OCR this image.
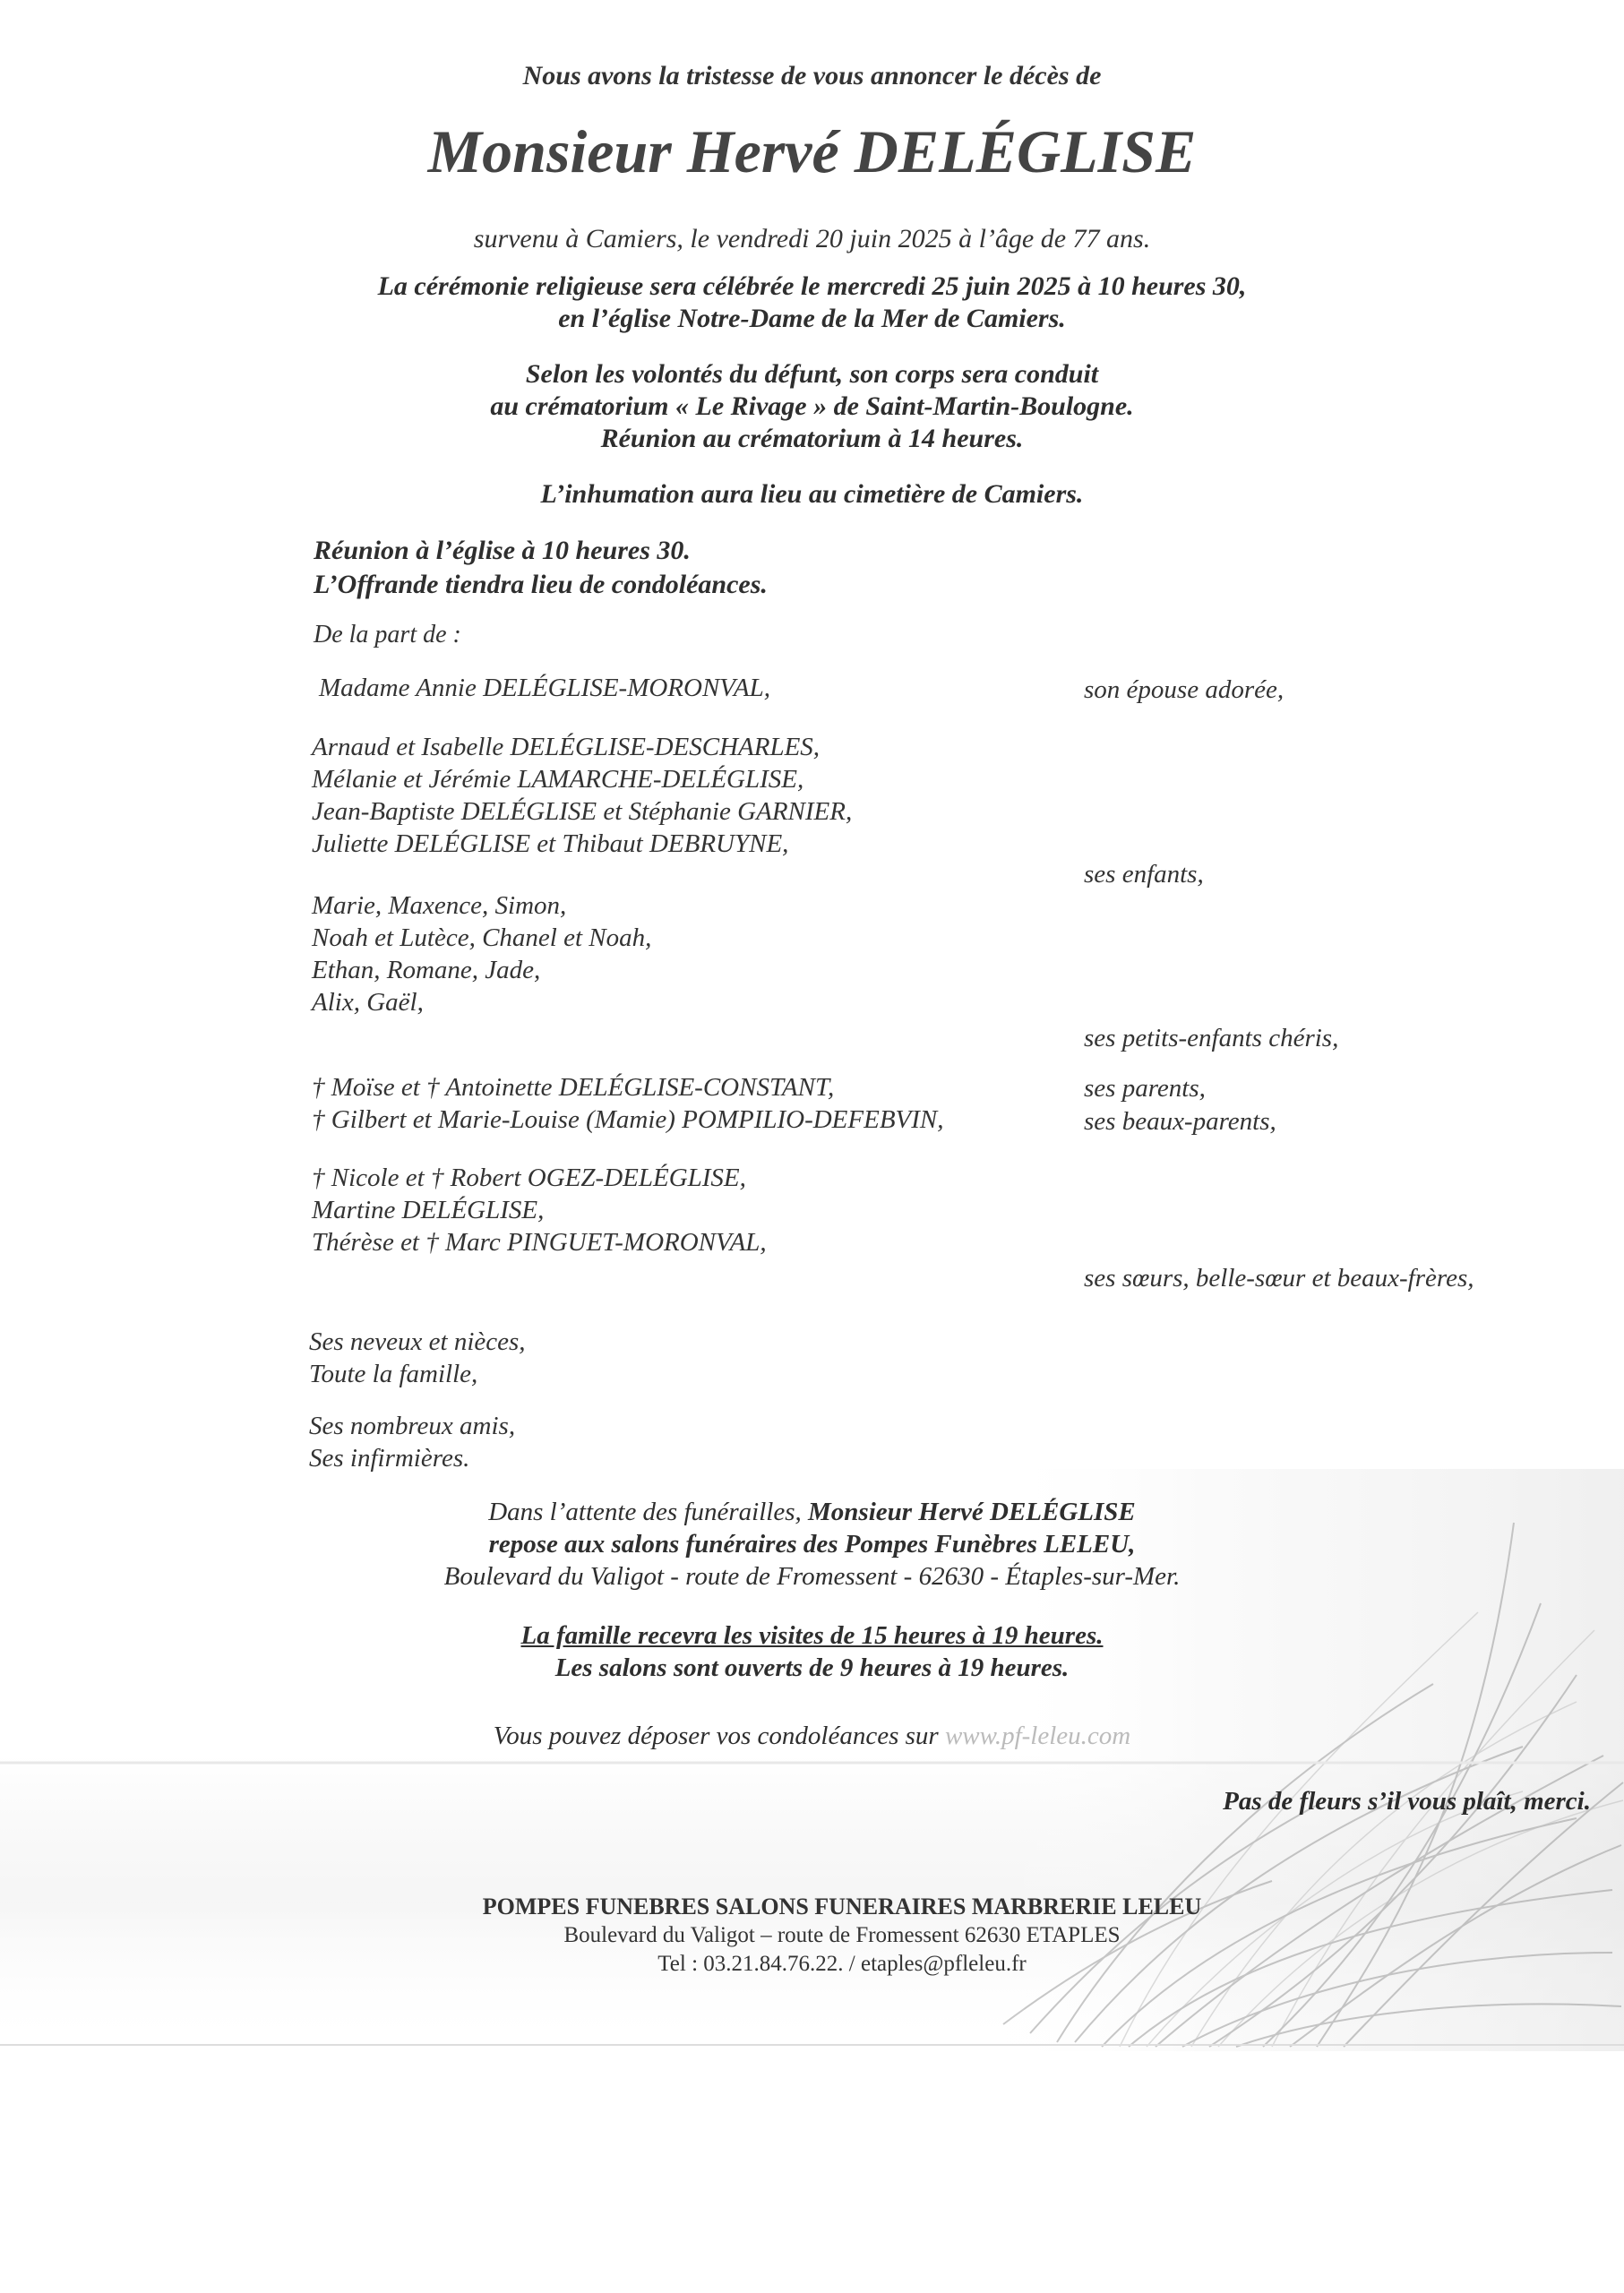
Nous avons la tristesse de vous annoncer le décès de
Monsieur Hervé DELÉGLISE
survenu à Camiers, le vendredi 20 juin 2025 à l’âge de 77 ans.
La cérémonie religieuse sera célébrée le mercredi 25 juin 2025 à 10 heures 30,
en l’église Notre-Dame de la Mer de Camiers.
Selon les volontés du défunt, son corps sera conduit
au crématorium « Le Rivage » de Saint-Martin-Boulogne.
Réunion au crématorium à 14 heures.
L’inhumation aura lieu au cimetière de Camiers.
Réunion à l’église à 10 heures 30.
L’Offrande tiendra lieu de condoléances.
De la part de :
Madame Annie DELÉGLISE-MORONVAL,
Arnaud et Isabelle DELÉGLISE-DESCHARLES,
Mélanie et Jérémie LAMARCHE-DELÉGLISE,
Jean-Baptiste DELÉGLISE et Stéphanie GARNIER,
Juliette DELÉGLISE et Thibaut DEBRUYNE,
Marie, Maxence, Simon,
Noah et Lutèce, Chanel et Noah,
Ethan, Romane, Jade,
Alix, Gaël,
† Moïse et † Antoinette DELÉGLISE-CONSTANT,
† Gilbert et Marie-Louise (Mamie) POMPILIO-DEFEBVIN,
† Nicole et † Robert OGEZ-DELÉGLISE,
Martine DELÉGLISE,
Thérèse et † Marc PINGUET-MORONVAL,
Ses neveux et nièces,
Toute la famille,
Ses nombreux amis,
Ses infirmières.
son épouse adorée,
ses enfants,
ses petits-enfants chéris,
ses parents,
ses beaux-parents,
ses sœurs, belle-sœur et beaux-frères,
Dans l’attente des funérailles, Monsieur Hervé DELÉGLISE
repose aux salons funéraires des Pompes Funèbres LELEU,
Boulevard du Valigot - route de Fromessent - 62630 - Étaples-sur-Mer.
La famille recevra les visites de 15 heures à 19 heures.
Les salons sont ouverts de 9 heures à 19 heures.
Vous pouvez déposer vos condoléances sur www.pf-leleu.com
Pas de fleurs s’il vous plaît, merci.
POMPES FUNEBRES SALONS FUNERAIRES MARBRERIE LELEU
Boulevard du Valigot – route de Fromessent 62630 ETAPLES
Tel : 03.21.84.76.22. / etaples@pfleleu.fr
